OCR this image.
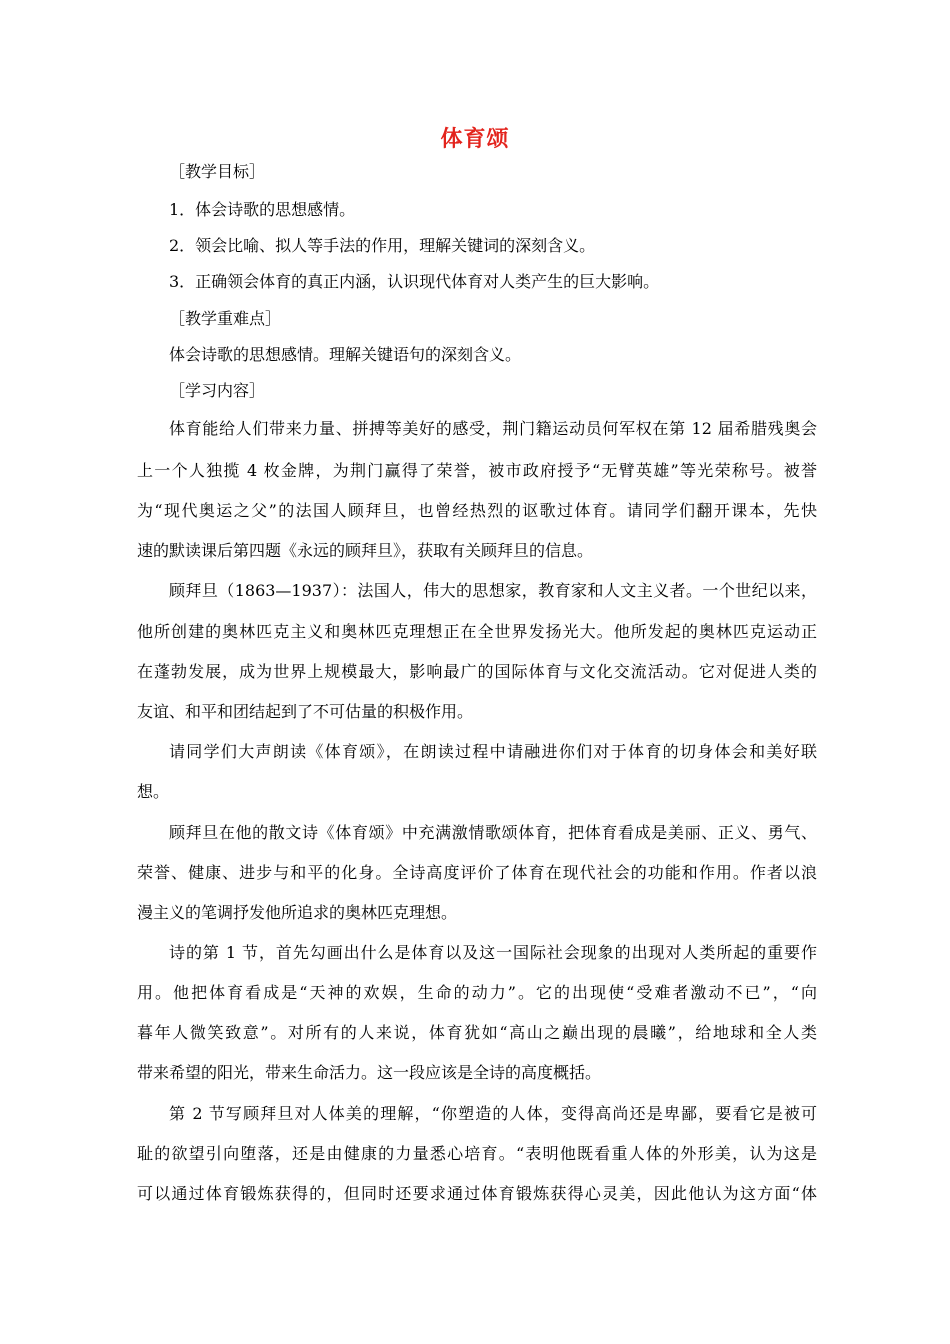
体育颂
［教学目标］
1．体会诗歌的思想感情。
2．领会比喻、拟人等手法的作用，理解关键词的深刻含义。
3．正确领会体育的真正内涵，认识现代体育对人类产生的巨大影响。
［教学重难点］
体会诗歌的思想感情。理解关键语句的深刻含义。
［学习内容］
体育能给人们带来力量、拼搏等美好的感受，荆门籍运动员何军权在第 12 届希腊残奥会
上一个人独揽 4 枚金牌，为荆门赢得了荣誉，被市政府授予“无臂英雄”等光荣称号。被誉
为“现代奥运之父”的法国人顾拜旦，也曾经热烈的讴歌过体育。请同学们翻开课本，先快
速的默读课后第四题《永远的顾拜旦》，获取有关顾拜旦的信息。
顾拜旦（1863—1937）：法国人，伟大的思想家，教育家和人文主义者。一个世纪以来，
他所创建的奥林匹克主义和奥林匹克理想正在全世界发扬光大。他所发起的奥林匹克运动正
在蓬勃发展，成为世界上规模最大，影响最广的国际体育与文化交流活动。它对促进人类的
友谊、和平和团结起到了不可估量的积极作用。
请同学们大声朗读《体育颂》，在朗读过程中请融进你们对于体育的切身体会和美好联
想。
顾拜旦在他的散文诗《体育颂》中充满激情歌颂体育，把体育看成是美丽、正义、勇气、
荣誉、健康、进步与和平的化身。全诗高度评价了体育在现代社会的功能和作用。作者以浪
漫主义的笔调抒发他所追求的奥林匹克理想。
诗的第 1 节，首先勾画出什么是体育以及这一国际社会现象的出现对人类所起的重要作
用。他把体育看成是“天神的欢娱，生命的动力”。它的出现使“受难者激动不已”，“向
暮年人微笑致意”。对所有的人来说，体育犹如“高山之巅出现的晨曦”，给地球和全人类
带来希望的阳光，带来生命活力。这一段应该是全诗的高度概括。
第 2 节写顾拜旦对人体美的理解，“你塑造的人体，变得高尚还是卑鄙，要看它是被可
耻的欲望引向堕落，还是由健康的力量悉心培育。“表明他既看重人体的外形美，认为这是
可以通过体育锻炼获得的，但同时还要求通过体育锻炼获得心灵美，因此他认为这方面“体
